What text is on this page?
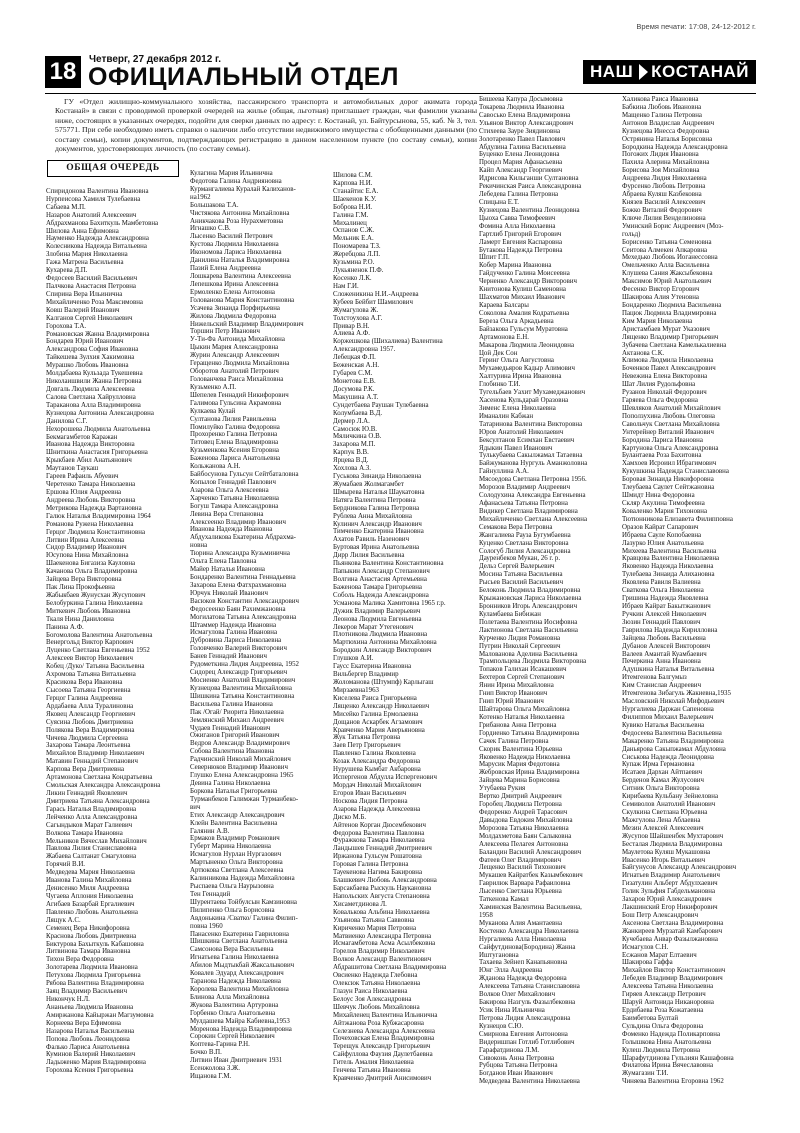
Время печати: 17:08, 24-12-2012 г.
18	Четверг, 27 декабря 2012 г.
ОФИЦИАЛЬНЫЙ ОТДЕЛ	НАШ КОСТАНАЙ

ГУ «Отдел жилищно-коммунального хозяйства, пассажирского транспорта и автомобильных дорог акимата города Костанай» в связи с проводимой проверкой очередей на жилье (общая, льготная) приглашает граждан, чьи фамилии указаны ниже, состоящих в указанных очередях, подойти для сверки данных по адресу: г. Костанай, ул. Байтурсынова, 55, каб. № 3, тел. 575771. При себе необходимо иметь справки о наличии либо отсутствии недвижимого имущества с обобщенными данными (по составу семьи), копии документов, подтверждающих регистрацию в данном населенном пункте (по составу семьи), копии документов, удостоверяющих личность (по составу семьи).

ОБЩАЯ ОЧЕРЕДЬ
Спиридонова Валентина Ивановна
Нурпеисова Хамиля Тулебаевна
Сабаева М.П.
Назаров Анатолий Алексеевич
Абдрахманова Бахиткуль Мамбетовна
Шилова Анна Ефимовна
Науменко Надежда Александровна
Колесникова Надежда Витальевна
Злобина Мария Николаевна
Гажа Матрена Васильевна
Кухарева Д.П.
Федосеев Василий Васильевич
Палчкова Анастасия Петровна
Спирина Вера Ильинична
Михайличенко Роза Максимовна
Ковш Валерий Иванович
Калганов Сергей Николаевич
Горохова Т.А.
Романовская Жанна Владимировна
Бондарев Юрий Иванович
Александрова София Ивановна
Тайкешева Зулхия Хакимовна
Мурашко Любовь Ивановна
Молдабаева Кульзада Тукешевна
Николаишвили Жанна Петровна
Довгаль Людмила Алексеевна
Салова Светлана Хайрулловна
Тараканова Алла Владимировна
Кузнецова Антонина Александровна
Данилова С.Г.
Нехорошева Людмила Анатольевна
Бекмагамбетов Каражан
Иванова Надежда Викторовна
Шниткина Анастасия Григорьевна
Крыкбаев Абил Анатьянович
Маутанов Таукаш
Гареев Рафаиль Абуевич
Черетенко Тамара Николаевна
Ершова Юлия Андреевна
Андреева Любовь Викторовна
Метрикова Надежда Вартановна
Галюк Наталья Владимировна 1964
Романова Ружена Николаевна
Герцог Людмила Константиновна
Литвин Ирина Алексеевна
Сидор Владимир Иванович
Юсупова Нина Михайловна
Шаекенова Бигазиза Кауловна
Качанова Ольга Владимировна
Зайцева Вера Викторовна
Пак Лина Прокофьевна
Жабыкбаев Жунусхан Жусупович
Белобуркина Галина Николаевна
Миткевич Любовь Ивановна
Ткаля Нина Даниловна
Панина А.Ф.
Богомолова Валентина Анатольевна
Венергольд Виктор Карпович
Луценко Светлана Евгеньевна 1952
Алексеев Виктор Николаевич
Кобец /Дуко/ Татьяна Васильевна
Ахромова Татьяна Витальевна
Красикова Вера Ивановна
Сысоева Татьяна Георгиевна
Герцог Галина Андреевна
Ардабаева Алла Туралиновна
Яковец Александр Георгиевич
Суясина Любовь Дмитриевна
Полякова Вера Владимировна
Чичева Людмила Сергеевна
Захарова Тамара Леонтьевна
Михайлов Владимир Николаевич
Матавин Геннадий Степанович
Карпова Вера Дмитриевна
Артамонова Светлана Кондратьевна
Смольская Александра Александровна
Ликин Геннадий Яковлевич
Дмитриева Татьяна Александровна
Гарась Наталья Владимировна
Лейченко Алла Александровна
Сагындыков Марат Галиевич
Волкова Тамара Ивановна
Мельников Вячеслав Михайлович
Павлова Лилия Станиславовна
Жабаева Салтанат Смагуловна
Горячий В.И.
Медведева Мария Николаевна
Иванова Галина Михайловна
Денисенко Миля Андреевна
Чугаева Аплония Николаевна
Агибаев Базарбай Ергалиевич
Павленко Любовь Анатольевна
Лящук А.С.
Семенец Вера Никифоровна
Краснова Любовь Дмитриевна
Биктурова Бахыткуль Кабашовна
Литвинова Тамара Ивановна
Тихон Вера Федоровна
Золотарева Людмила Ивановна
Петухова Людмила Григорьевна
Рябова Валентина Владимировна
Заяц Владимир Васильевич
Никончук Н.Л.
Ананьева Людмила Ивановна
Амиржанова Кайыржан Магзумовна
Корнеева Вера Ефимовна
Назарова Наталья Васильевна
Попова Любовь Леонидовна
Фалько Лариса Анатольевна
Куминов Валерий Николаевич
Ладыженко Мария Владимировна
Горохова Ксения Григорьевна
Кулагина Мария Ильинична
Федотова Галина Андрияновна
Курмангалиева Куралай Калиханов-
на1962
Большакова Т.А.
Чистякова Антонина Михайловна
Аникчакова Роза Нурахметовна
Игнашко С.В.
Лысенко Василий Петрович
Кустова Людмила Николаевна
Икономова Лариса Николаевна
Данилина Наталья Владимировна
Пазий Елена Андреевна
Лошкарева Валентина Алексеевна
Лепешкова Ирина Алексеевна
Ермоленко Елена Антоновна
Голованова Мария Константиновна
Усачева Зинаида Порфирьевна
Жилова Людмила Федоровна
Нижельский Владимир Владимирович
Торшин Петр Иванович
У-Ти-Фа Антонида Михайловна
Цыкин Мария Александровна
Журин Александр Алексеевич
Геращенко Людмила Михайловна
Оборотов Анатолий Петрович
Голованчева Раиса Михайловна
Кузьменко А.П.
Шепелев Геннадий Никифорович
Галимова Гульсина Акрамовна
Кулкаева Кулай
Султанова Лилия Равильевна
Помилуйко Галина Федоровна
Прохоренко Галина Петровна
Титовец Елена Владимировна
Кузьменкова Ксения Егоровна
Баженова Лариса Анатольевна
Кольжанова А.Н.
Байбосунова Гульсун Сейтбаталовна
Копылов Геннадий Павлович
Азарова Ольга Алексеевна
Харченко Татьяна Николаевна
Богуш Тамара Александровна
Левина Вера Степановна
Алексеенко Владимир Иванович
Иванова Надежда Ивановна
Абдухаликова Екатерина Абдрахма-
новна
Тюрина Александра Кузьминична
Ольта Елена Павловна
Майер Наталья Ивановна
Бондаренко Валентина Геннадьевна
Захарова Елена Фатхрахмановна
Юрчук Николай Иванович
Васюков Константин Александрович
Федосеенко Баян Рахимжановна
Могилатова Татьяна Александровна
Штаммер Надежда Ивановна
Исмагулова Галина Ивановна
Дубровина Лариса Николаевна
Головченко Валерий Викторович
Банев Геннадий Иванович
Рудометкина Лидия Андреевна, 1952
Сидорец Александр Григорьевич
Мосиенко Анатолий Владимирович
Кузнецова Валентина Михайловна
Шишкина Татьяна Константиновна
Васильева Галина Ивановна
Пак /Огай/ Риорита Николаевна
Землянский Михаил Андреевич
Чудаев Геннадий Иванович
Ожиганов Григорий Иванович
Ведров Александр Владимирович
Собова Валентина Ивановна
Радчинский Николай Михайлович
Севернюков Владимир Иванович
Глушко Елена Александровна 1965
Девина Галина Николаевна
Боркова Наталья Григорьевна
Турманбеков Галимжан Турманбеко-
вич
Етих Александр Александрович
Клейн Валентина Васильевна
Галянин А.В.
Ермаков Владимир Романович
Губерт Марина Николаевна
Исмагулов Нурлан Нургазович
Мартыненко Ольга Викторовна
Артюкова Светлана Алексеевна
Калинникова Надежда Михайловна
Рыспаева Ольга Наурызовна
Тен Геннадий
Шурентаева Тойбулсын Камзиновна
Пилипенко Ольга Борисовна
Авдонькина /Сватко/ Галина Филип-
повна 1960
Панасенко Екатерина Гавриловна
Шишкина Светлана Анатольевна
Самсонова Вера Васильевна
Игнатьева Галина Николаевна
Абилов Мыдтыкбай Жаксалыкович
Ковалев Эдуард Александрович
Таранова Надежда Николаевна
Королева Валентина Михайловна
Блинова Алла Михайловна
Жукова Валентина Артуровна
Горбенко Ольга Анатольевна
Мулдашева Майра Кабиевна,1953
Моренова Надежда Владимировна
Сорокин Сергей Николаевич
Коптева-Гарина Р.Н.
Бочко В.П.
Литвин Иван Дмитриевич 1931
Есенжолова З.Ж.
Ищанова Г.М.
Шилова С.М.
Карпова Н.И.
Станайтис Е.А.
Шаекенов К.У.
Боброва Н.И.
Галина Г.М.
Михалинец
Оспанов С.Ж.
Мельник Е.А.
Пономарева Т.З.
Жеребцова Л.П.
Кузьмина Р.О.
Лукьяненок П.Ф.
Косенко Л.К.
Нам Г.И.
Сложеникина Н.И.-Андреева
Кубеев Бейбит Шамилович
Жумагулова Ж.
Толстоухова А.Г.
Привар В.Н.
Алиева А.Ф.
Коржешкова (Шихалиева) Валентина
Александровна 1957.
Лебецкая Ф.П.
Беженская А.Н.
Губарев С.М.
Монетова Е.В.
Досумова Р.К.
Макушина А.Т.
Сундетбаева Раушан Тулебаевна
Колумбаева В.Д.
Дермер Л.А.
Самосюк Ю.В.
Мяличкина О.В.
Захарова М.П.
Карпук В.В.
Ярцева В.Д.
Хохлова А.З.
Гуськова Зинаида Николаевна
Жумабаев Жолмагамбет
Шмырева Наталья Шаукатовна
Натяга Валентина Петровна
Бердникова Галина Петровна
Рублева Анна Михайловна
Кулинич Александр Иванович
Тимченко Екатерина Ивановна
Ахатов Равиль Назенович
Буртовая Ирина Анатольевна
Дирр Лилия Васильевна
Пьянкова Валентина Константиновна
Папыкин Александр Степанович
Волгина Анастасия Артемьевна
Баженова Тамара Григорьевна
Соболь Надежда Александровна
Усманова Малика Хамитовна 1965 г.р.
Дужик Владимир Валерьевич
Леонова Людмила Евгеньевна
Лекеров Марат Утегенович
Плотникова Людмила Ивановна
Мартюхина Антонина Михайловна
Бородкин Александр Викторович
Глушков А.И.
Гаусс Екатерина Ивановна
Вильбергер Владимир
Жоломанова (Штумпф) Карлыгаш
Мирзаевна1963
Киселева Раиса Григорьевна
Лященко Александр Николаевич
Мисейко Галина Ермолаевна
Дощанов Аскарбек Агзамович
Кравченко Мария Аверьяновна
Жук Татьяна Петровна
Заев Петр Григорьевич
Павленко Галина Яковлевна
Козак Александра Федоровна
Нурушева Кымбат Акбаровна
Испергенов Абдулла Испергенович
Мордач Николай Михайлович
Егоров Иван Васильевич
Носкова Лидия Петровна
Азарова Надежда Алексеевна
Диско М.Б.
Айтенов Корган Дюсембекович
Федорова Валентина Павловна
Фуражкова Тамара Николаевна
Ландышев Геннадий Дмитриевич
Иржанова Гульсум Рошатовна
Горовая Галина Петровна
Тауекенова Нагима Бакировна
Блашкевич Любовь Александровна
Барсакбаева Рыскуль Наукановна
Напольских Августа Степановна
Хисаметдинова Л.
Ковалькова Альбина Николаевна
Ульянова Татьяна Саввовна
Кириченко Мария Петровна
Матвиенко Александра Петровна
Исмагамбетова Асма Асылбековна
Горелов Владимир Николаевич
Волков Александр Валентинович
Абдрашитова Светлана Владимировна
Овсиенко Надежда Глебовна
Олексюк Татьяна Николаевна
Глазун Раиса Николаевна
Белоус Зоя Александровна
Шевчук Любовь Михайловна
Михайленец Валентина Ильинична
Айтжанова Роза Кубжасаровна
Селезнева Александра Алексеевна
Почеховская Елена Владимировна
Терещук Александр Григорьевич
Сайфуллова Фаузия Даулетбаевна
Гитель Амалия Николаевна
Генчева Татьяна Ивановна
Кравченко Дмитрий Анисимович
Бишеева Капура Досымовна
Токарева Людмила Ивановна
Савосько Елена Владимировна
Ульянов Виктор Александрович
Стихеева Зауре Зиядиновна
Золотаренко Павел Павлович
Абдулина Галина Васильевна
Буценко Елена Леонидовна
Процел Мария Афанасьевна
Кайп Александр Георгиевич
Идрисова Кильганши Султановна
Рекичинская Раиса Александровна
Лебедева Галина Петровна
Спицына Е.Т.
Кузнецова Валентина Леонидовна
Цыоха Савва Тимофеевич
Фомина Алла Николаевна
Гартлиб Григорий Егорович
Ламерт Евгения Каспаровна
Бутакова Надежда Петровна
Шпит Г.П.
Кобер Марина Ивановна
Гайдученко Галина Моисеевна
Черненко Александр Викторович
Книтонова Кулиш Саменовна
Шахматов Михаил Иванович
Караева Балсары
Соколова Амалия Кодратьевна
Береза Ольга Аркадьевна
Байзакова Гульсум Муратовна
Артамонова Е.Н.
Макарова Людмила Леонидовна
Цой Дек Сон
Геринг Ольга Августовна
Мухамедьяров Кадыр Алимович
Халтурина Ирина Ивановна
Глобинко Т.И.
Тугельбаев Уахит Мухамеджанович
Хасенова Кульдарай Оразовна
Зименс Елена Николаевна
Иманалин Кабжан
Татаринова Валентина Викторовна
Юров Анатолий Николаевич
Бексултанов Есимхан Евстаевич
Ядыкин Павел Иванович
Тулькубаева Сакылжамал Татаевна
Байжуманова Нургуль Аманжоловна
Гайнуллина А.А.
Мясоедова Светлана Петровна 1956.
Морозов Владимир Андреевич
Солодухина Александра Евгеньевна
Афанасьева Татьяна Петровна
Видикер Светлана Владимировна
Михайличенко Светлана Алексеевна
Семакова Вера Петровна
Жангалиева Рауза Бугумбаевна
Куценко Светлана Викторовна
Сологуб Лилия Александровна
Дауренбеков Мукан, 26 г. р.
Дельз Сергей Валерьевич
Мосина Татьяна Васильевна
Рысьев Василий Васильевич
Белоконь Людмила Владимировна
Крыжановская Лариса Николаевна
Бронников Игорь Александрович
Куламбаева Бибижан
Полетаева Валентина Иосифовна
Лактионова Светлана Васильевна
Курченко Лидия Романовна
Путрин Николай Сергеевич
Малованова Аделина Васильевна
Трампольцева Людмила Викторовна
Топаков Галихан Исакашевич
Бехтеров Сергей Степанович
Янин Ирина Михайловна
Гнип Виктор Иванович
Гнип Юрий Иванович
Шайтарова Ольга Михайловна
Котенко Наталья Николаевна
Грибанова Анна Петровна
Гордиенко Татьяна Владимировна
Сачек Галина Петровна
Скорик Валентина Юрьевна
Яковенко Надежда Николаевна
Марусик Мария Федотовна
Жебровская Ирина Владимировна
Зайцева Марина Борисовна
Утубаева Рукия
Вертко Дмитрий Андреевич
Горобец Людмила Петровна
Федоренко Андрей Тарасович
Давыдова Евдокия Михайловна
Морозова Татьяна Николаевна
Молдахметова Баян Салыковна
Алексеева Пелагея Антоновна
Баландин Василий Александрович
Фатеев Олег Владимирович
Лещенко Василий Тихонович
Мукашев Кайратбек Казымбекович
Гаврилюк Варвара Рафаиловна
Лысенко Светлана Юрьевна
Таткенова Камал
Хаминская Валентина Васильевна,
1958
Муканова Алия Амантаевна
Костенко Александра Николаевна
Нургалиева Алла Николаевна
Сайфутдинова(Бородина) Жанна
Иштугановна
Тахаева Зейнеп Канапьяновна
Юнг Элла Андреевна
Жданова Надежда Федоровна
Алексеева Татьяна Станиславовна
Волков Олег Михайлович
Бакирова Назгуль Фазылбековна
Усик Нина Ильинична
Петрова Лидия Александровна
Кузнецов С.Ю.
Смирнова Евгения Антоновна
Видеришпан Готлиб Готлибович
Гарафатдинова Л.М.
Сивоконь Анна Петровна
Рубцова Татьяна Петровна
Богданов Иван Иванович
Медведева Валентина Николаевна
Халикова Раиса Ивановна
Бабкина Любовь Ивановна
Мащенко Галина Петровна
Антонов Владислав Андреевич
Кузнецова Инесса Федоровна
Острянина Наталья Борисовна
Бородкина Надежда Александровна
Погожих Лидия Ивановна
Пахила Алерина Михайловна
Борисова Зоя Михайловна
Андреева Лидия Николаевна
Фурсенко Любовь Петровна
Абраева Куляш Казбековна
Князев Василий Алексеевич
Божко Виталий Федорович
Ключе Лилия Венделиновна
Уминский Борис Андреевич (Моз-
гольд)
Борисенко Татьяна Семеновна
Сеитова Алмекен Апкаровна
Мехедько Любовь Иоганессовна
Омельченко Алла Васильевна
Клушева Сания Жаксыбековна
Максимов Юрий Анатольевич
Фесенко Виктор Егорович
Шакирова Алия Утеновна
Бондаренко Людмила Васильевна
Пацюк Людмила Владимировна
Ким Мария Николаевна
Аристамбаев Мурат Указович
Лященко Владимир Григорьевич
Зубачева Светлана Камелькалиевна
Актанова С.К.
Климова Людмила Николаевна
Боченков Павел Александрович
Невежина Елена Викторовна
Шат Лилия Рудольфовна
Рузанов Николай Федорович
Гаряева Ольга Федоровна
Шевляков Анатолий Михайлович
Поползухина Любовь Олеговна
Савольчук Светлана Михайловна
Унтерейнер Виталий Иванович
Бородина Лариса Ивановна
Картунова Ольга Александровна
Булантаева Роза Бахитовна
Хамхоев Исроиил Ибрагимович
Кукушкина Надежда Станиславовна
Боровая Зинаида Никифоровна
Тлеубаева Саулет Сейтжановна
Шмидт Нина Федоровна
Скляр Акулина Тимофеевна
Коваленко Мария Тихоновна
Тютюнникова Елизавета Филипповна
Оразов Кайрат Сапарович
Ибраева Сауле Копобаевна
Лазурко Юлия Анатольевна
Михеева Валентина Васильевна
Кравцова Валентина Николаевна
Яковенко Надежда Николаевна
Тулебаева Зинаида Алихановна
Яковлева Равиля Валиевна
Сваткова Ольга Николаевна
Гришина Надежда Яковлевна
Ибраев Кайрат Бакытжанович
Ручкин Алексей Николаевич
Зюзин Геннадий Павлович
Гаврилова Надежда Кирилловна
Зайцева Любовь Васильевна
Дубанов Алексей Викторович
Валеев Амантай Куамбаевич
Печеркина Анна Ивановна
Адушкина Наталья Витальевна
Итемгенова Балгумыз
Ким Станислав Андреевич
Итемгенова Зибагуль Жакиевна,1935
Масловский Николай Мифодьевич
Нургалиева Даржан Сапеновна
Филиппов Михаил Валерьевич
Кувико Наталья Васильевна
Федосеева Валентина Васильевна
Макаренко Татьяна Владимировна
Даньярова Сакыпжамал Абдуловна
Сиськова Надежда Леонидовна
Купаж Ирма Германовна
Исатаев Дархан Айтпаевич
Берденов Камал Жулусович
Ситник Ольга Викторовна
Кирибаева Кульбану Зейнеловна
Семиволов Анатолий Иванович
Скулкина Светлана Юрьевна
Мажгулова Лена Аблаевна
Мезин Алексей Алексеевич
Жусупов Шайшенбек Мухтарович
Бесталая Людмила Владимировна
Маулетова Куляш Мукашовна
Ивасенко Игорь Витальевич
Байгунусов Александр Александрович
Игнатьев Владимир Анатольевич
Гизатулин Альберт Абдулхаевич
Голик Зульфия Габдельмановна
Захаров Юрий Александрович
Лакшинский Егор Никифорович
Бош Петр Александрович
Аксенова Светлана Владимировна
Жанкиреев Мурзатай Камбарович
Кучебаева Анвар Фазылжановна
Исмагулов С.Н.
Есжанов Марат Елтаевич
Шакирова Гаффа
Михайлов Виктор Константинович
Лебедев Владимир Владимирович
Алексеева Татьяна Николаевна
Гиряев Александр Петрович
Шаруй Антонида Никаноровна
Ердибаева Роза Кожатаевна
Баимбетова Бултай
Сульдина Ольга Федоровна
Фоменко Надежда Поликарповна
Голышкова Нина Анатольевна
Кулеш Людмила Петровна
Шарафутдинова Гульзиян Кашафовна
Филатова Ирина Вячеславовна
Жумагазин Т.И.
Чиняева Валентина Егоровна 1962
